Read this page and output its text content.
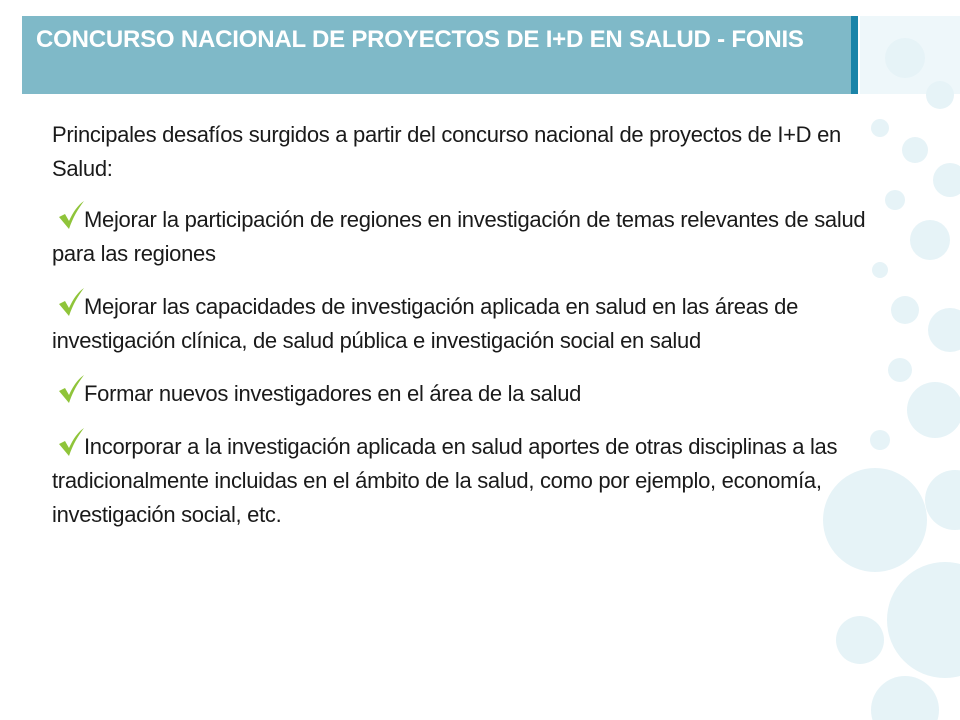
CONCURSO NACIONAL DE PROYECTOS DE I+D EN SALUD - FONIS

Principales desafíos surgidos a partir del concurso nacional de proyectos de I+D en Salud:

Mejorar la participación de regiones en investigación de temas relevantes de salud para las regiones

Mejorar las capacidades de investigación aplicada en salud en las áreas de investigación clínica, de salud pública e investigación social en salud

Formar nuevos investigadores en el área de la salud

Incorporar a la investigación aplicada en salud aportes de otras disciplinas a las tradicionalmente incluidas en el ámbito de la salud, como por ejemplo, economía, investigación social, etc.
